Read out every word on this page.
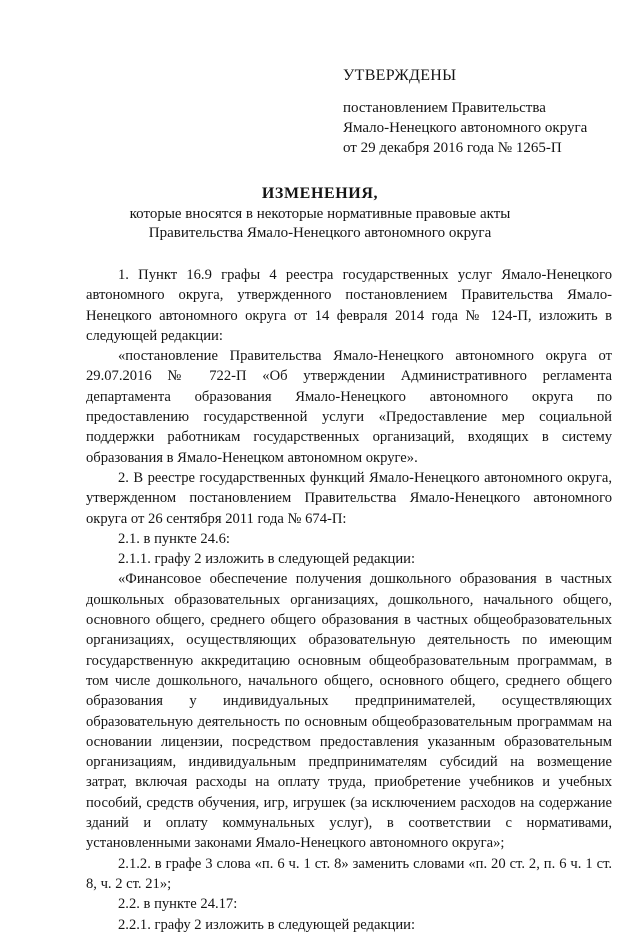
УТВЕРЖДЕНЫ
постановлением Правительства
Ямало-Ненецкого автономного округа
от 29 декабря 2016 года № 1265-П
ИЗМЕНЕНИЯ,
которые вносятся в некоторые нормативные правовые акты
Правительства Ямало-Ненецкого автономного округа

1. Пункт 16.9 графы 4 реестра государственных услуг Ямало-Ненецкого автономного округа, утвержденного постановлением Правительства Ямало-Ненецкого автономного округа от 14 февраля 2014 года № 124-П, изложить в следующей редакции:

«постановление Правительства Ямало-Ненецкого автономного округа от 29.07.2016 № 722-П «Об утверждении Административного регламента департамента образования Ямало-Ненецкого автономного округа по предоставлению государственной услуги «Предоставление мер социальной поддержки работникам государственных организаций, входящих в систему образования в Ямало-Ненецком автономном округе».

2. В реестре государственных функций Ямало-Ненецкого автономного округа, утвержденном постановлением Правительства Ямало-Ненецкого автономного округа от 26 сентября 2011 года № 674-П:

2.1. в пункте 24.6:

2.1.1. графу 2 изложить в следующей редакции:

«Финансовое обеспечение получения дошкольного образования в частных дошкольных образовательных организациях, дошкольного, начального общего, основного общего, среднего общего образования в частных общеобразовательных организациях, осуществляющих образовательную деятельность по имеющим государственную аккредитацию основным общеобразовательным программам, в том числе дошкольного, начального общего, основного общего, среднего общего образования у индивидуальных предпринимателей, осуществляющих образовательную деятельность по основным общеобразовательным программам на основании лицензии, посредством предоставления указанным образовательным организациям, индивидуальным предпринимателям субсидий на возмещение затрат, включая расходы на оплату труда, приобретение учебников и учебных пособий, средств обучения, игр, игрушек (за исключением расходов на содержание зданий и оплату коммунальных услуг), в соответствии с нормативами, установленными законами Ямало-Ненецкого автономного округа»;

2.1.2. в графе 3 слова «п. 6 ч. 1 ст. 8» заменить словами «п. 20 ст. 2, п. 6 ч. 1 ст. 8, ч. 2 ст. 21»;

2.2. в пункте 24.17:

2.2.1. графу 2 изложить в следующей редакции:
